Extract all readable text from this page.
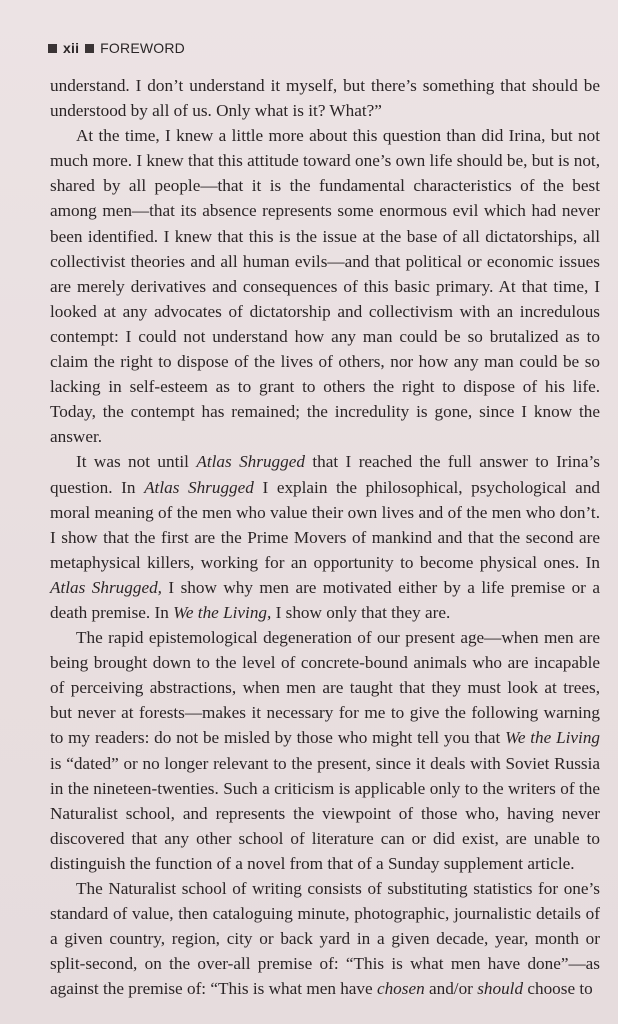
xii FOREWORD

understand. I don’t understand it myself, but there’s something that should be understood by all of us. Only what is it? What?”

At the time, I knew a little more about this question than did Irina, but not much more. I knew that this attitude toward one’s own life should be, but is not, shared by all people—that it is the fundamental characteristics of the best among men—that its absence represents some enormous evil which had never been identified. I knew that this is the issue at the base of all dictatorships, all collectivist theories and all human evils—and that political or economic issues are merely derivatives and consequences of this basic primary. At that time, I looked at any advocates of dictatorship and collectivism with an incredulous contempt: I could not understand how any man could be so brutalized as to claim the right to dispose of the lives of others, nor how any man could be so lacking in self-esteem as to grant to others the right to dispose of his life. Today, the contempt has remained; the incredulity is gone, since I know the answer.

It was not until Atlas Shrugged that I reached the full answer to Irina’s question. In Atlas Shrugged I explain the philosophical, psychological and moral meaning of the men who value their own lives and of the men who don’t. I show that the first are the Prime Movers of mankind and that the second are metaphysical killers, working for an opportunity to become physical ones. In Atlas Shrugged, I show why men are motivated either by a life premise or a death premise. In We the Living, I show only that they are.

The rapid epistemological degeneration of our present age—when men are being brought down to the level of concrete-bound animals who are incapable of perceiving abstractions, when men are taught that they must look at trees, but never at forests—makes it necessary for me to give the following warning to my readers: do not be misled by those who might tell you that We the Living is “dated” or no longer relevant to the present, since it deals with Soviet Russia in the nineteen-twenties. Such a criticism is applicable only to the writers of the Naturalist school, and represents the viewpoint of those who, having never discovered that any other school of literature can or did exist, are unable to distinguish the function of a novel from that of a Sunday supplement article.

The Naturalist school of writing consists of substituting statistics for one’s standard of value, then cataloguing minute, photographic, journalistic details of a given country, region, city or back yard in a given decade, year, month or split-second, on the over-all premise of: “This is what men have done”—as against the premise of: “This is what men have chosen and/or should choose to
